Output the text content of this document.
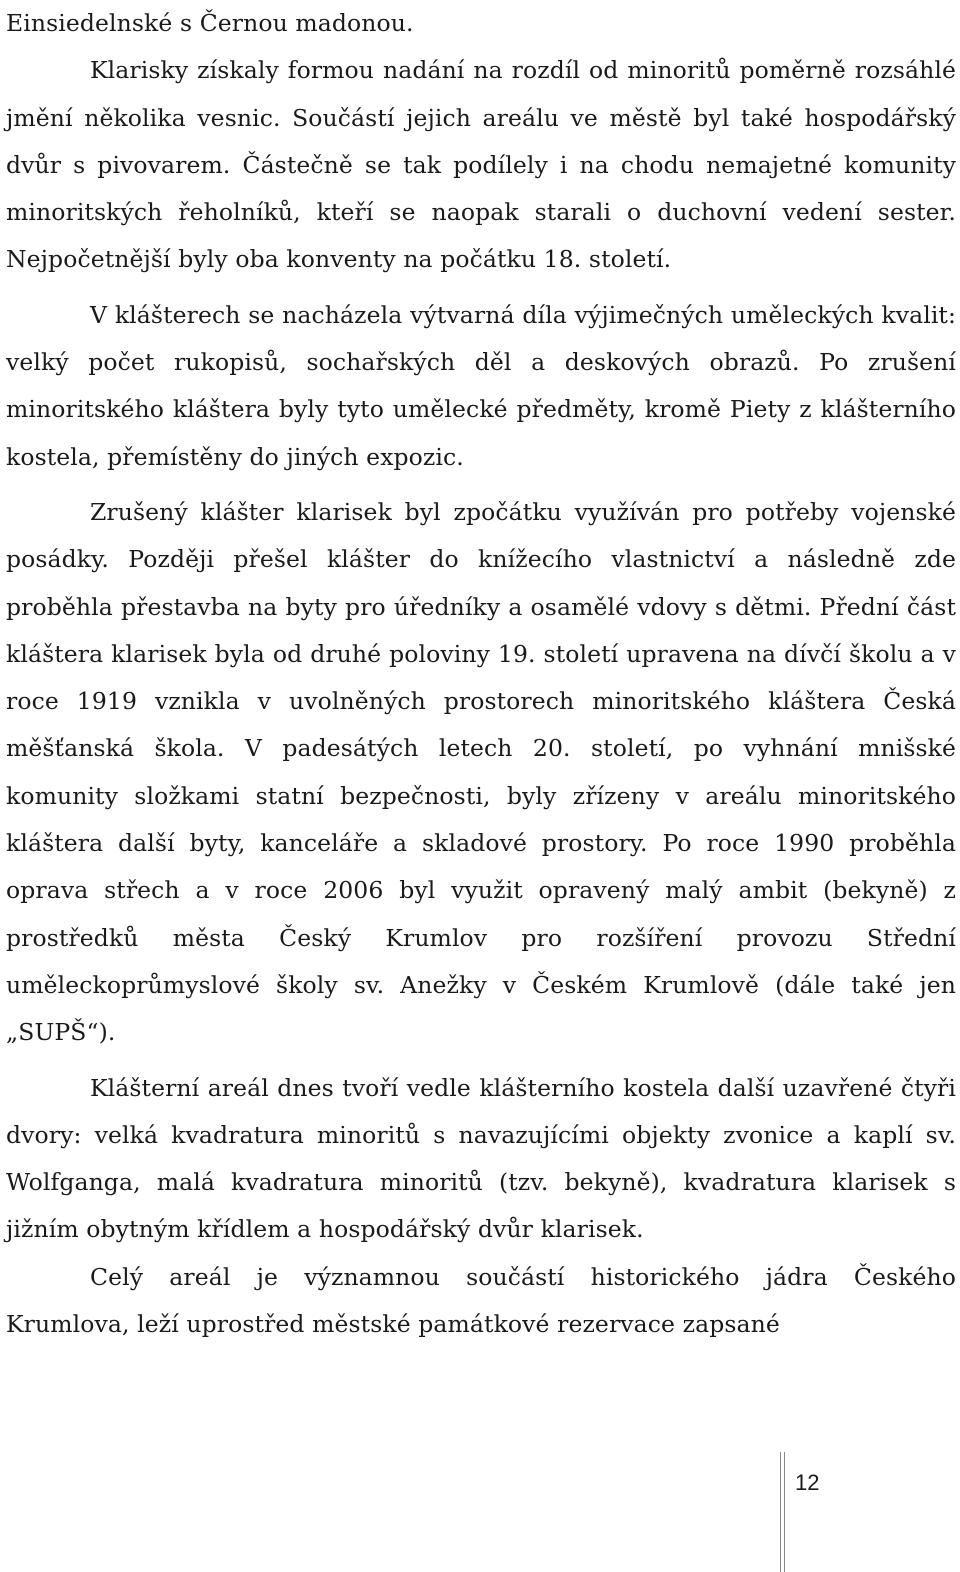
Einsiedelnské s Černou madonou.

Klarisky získaly formou nadání na rozdíl od minoritů poměrně rozsáhlé jmění několika vesnic. Součástí jejich areálu ve městě byl také hospodářský dvůr s pivovarem. Částečně se tak podílely i na chodu nemajetné komunity minoritských řeholníků, kteří se naopak starali o duchovní vedení sester. Nejpočetnější byly oba konventy na počátku 18. století.

V klášterech se nacházela výtvarná díla výjimečných uměleckých kvalit: velký počet rukopisů, sochařských děl a deskových obrazů. Po zrušení minoritského kláštera byly tyto umělecké předměty, kromě Piety z klášterního kostela, přemístěny do jiných expozic.

Zrušený klášter klarisek byl zpočátku využíván pro potřeby vojenské posádky. Později přešel klášter do knížecího vlastnictví a následně zde proběhla přestavba na byty pro úředníky a osamělé vdovy s dětmi. Přední část kláštera klarisek byla od druhé poloviny 19. století upravena na dívčí školu a v roce 1919 vznikla v uvolněných prostorech minoritského kláštera Česká měšťanská škola. V padesátých letech 20. století, po vyhnání mnišské komunity složkami statní bezpečnosti, byly zřízeny v areálu minoritského kláštera další byty, kanceláře a skladové prostory. Po roce 1990 proběhla oprava střech a v roce 2006 byl využit opravený malý ambit (bekyně) z prostředků města Český Krumlov pro rozšíření provozu Střední uměleckoprůmyslové školy sv. Anežky v Českém Krumlově (dále také jen „SUPŠ“).

Klášterní areál dnes tvoří vedle klášterního kostela další uzavřené čtyři dvory: velká kvadratura minoritů s navazujícími objekty zvonice a kaplí sv. Wolfganga, malá kvadratura minoritů (tzv. bekyně), kvadratura klarisek s jižním obytným křídlem a hospodářský dvůr klarisek.

Celý areál je významnou součástí historického jádra Českého Krumlova, leží uprostřed městské památkové rezervace zapsané

12
